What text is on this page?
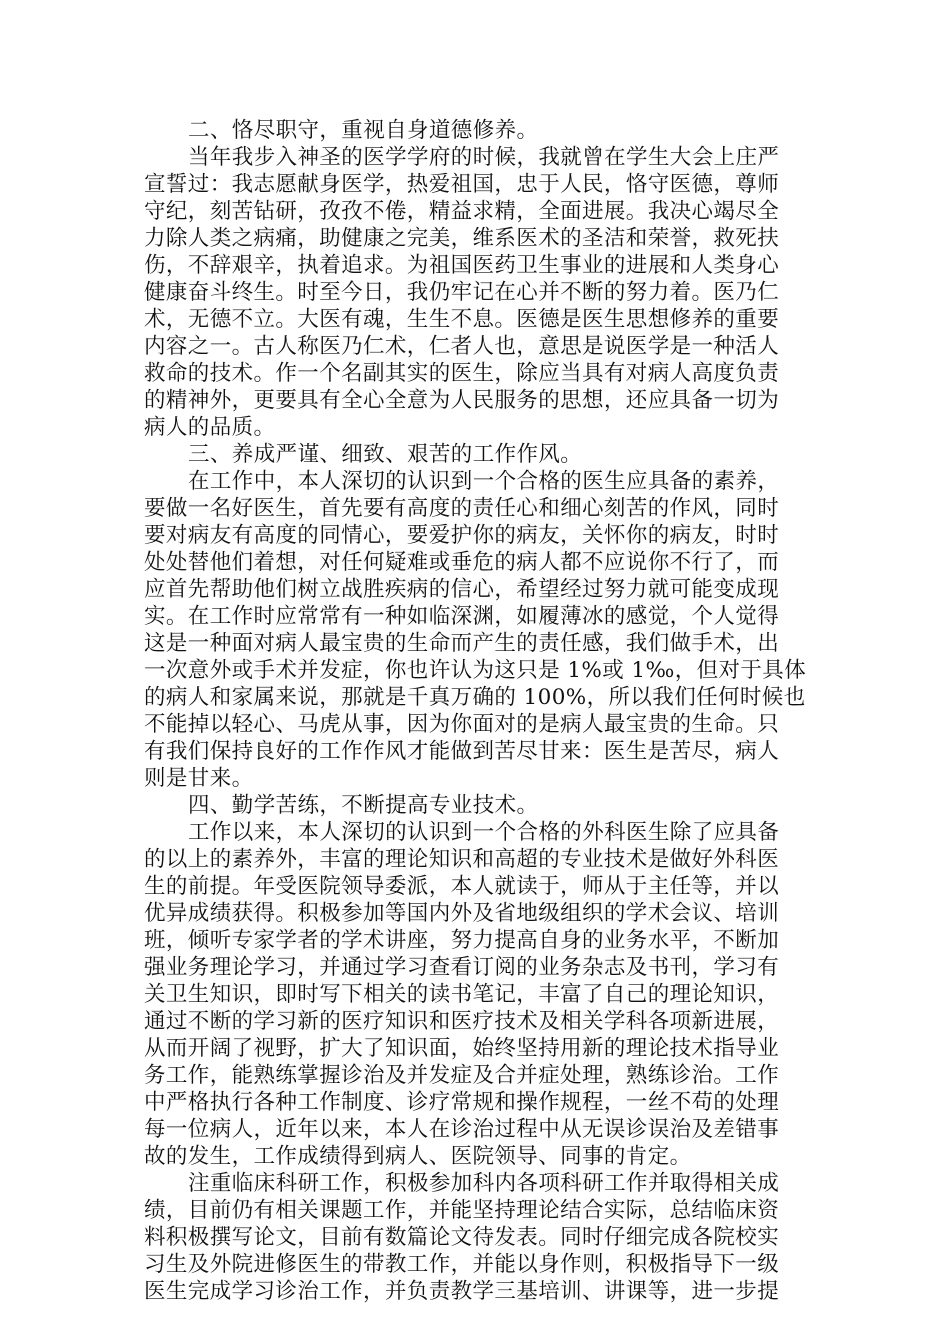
二、恪尽职守，重视自身道德修养。
当年我步入神圣的医学学府的时候，我就曾在学生大会上庄严
宣誓过：我志愿献身医学，热爱祖国，忠于人民，恪守医德，尊师
守纪，刻苦钻研，孜孜不倦，精益求精，全面进展。我决心竭尽全
力除人类之病痛，助健康之完美，维系医术的圣洁和荣誉，救死扶
伤，不辞艰辛，执着追求。为祖国医药卫生事业的进展和人类身心
健康奋斗终生。时至今日，我仍牢记在心并不断的努力着。医乃仁
术，无德不立。大医有魂，生生不息。医德是医生思想修养的重要
内容之一。古人称医乃仁术，仁者人也，意思是说医学是一种活人
救命的技术。作一个名副其实的医生，除应当具有对病人高度负责
的精神外，更要具有全心全意为人民服务的思想，还应具备一切为
病人的品质。
三、养成严谨、细致、艰苦的工作作风。
在工作中，本人深切的认识到一个合格的医生应具备的素养，
要做一名好医生，首先要有高度的责任心和细心刻苦的作风，同时
要对病友有高度的同情心，要爱护你的病友，关怀你的病友，时时
处处替他们着想，对任何疑难或垂危的病人都不应说你不行了，而
应首先帮助他们树立战胜疾病的信心，希望经过努力就可能变成现
实。在工作时应常常有一种如临深渊，如履薄冰的感觉，个人觉得
这是一种面对病人最宝贵的生命而产生的责任感，我们做手术，出
一次意外或手术并发症，你也许认为这只是 1%或 1‰，但对于具体
的病人和家属来说，那就是千真万确的 100%，所以我们任何时候也
不能掉以轻心、马虎从事，因为你面对的是病人最宝贵的生命。只
有我们保持良好的工作作风才能做到苦尽甘来：医生是苦尽，病人
则是甘来。
四、勤学苦练，不断提高专业技术。
工作以来，本人深切的认识到一个合格的外科医生除了应具备
的以上的素养外，丰富的理论知识和高超的专业技术是做好外科医
生的前提。年受医院领导委派，本人就读于，师从于主任等，并以
优异成绩获得。积极参加等国内外及省地级组织的学术会议、培训
班，倾听专家学者的学术讲座，努力提高自身的业务水平，不断加
强业务理论学习，并通过学习查看订阅的业务杂志及书刊，学习有
关卫生知识，即时写下相关的读书笔记，丰富了自己的理论知识，
通过不断的学习新的医疗知识和医疗技术及相关学科各项新进展，
从而开阔了视野，扩大了知识面，始终坚持用新的理论技术指导业
务工作，能熟练掌握诊治及并发症及合并症处理，熟练诊治。工作
中严格执行各种工作制度、诊疗常规和操作规程，一丝不苟的处理
每一位病人，近年以来，本人在诊治过程中从无误诊误治及差错事
故的发生，工作成绩得到病人、医院领导、同事的肯定。
注重临床科研工作，积极参加科内各项科研工作并取得相关成
绩，目前仍有相关课题工作，并能坚持理论结合实际，总结临床资
料积极撰写论文，目前有数篇论文待发表。同时仔细完成各院校实
习生及外院进修医生的带教工作，并能以身作则，积极指导下一级
医生完成学习诊治工作，并负责教学三基培训、讲课等，进一步提
